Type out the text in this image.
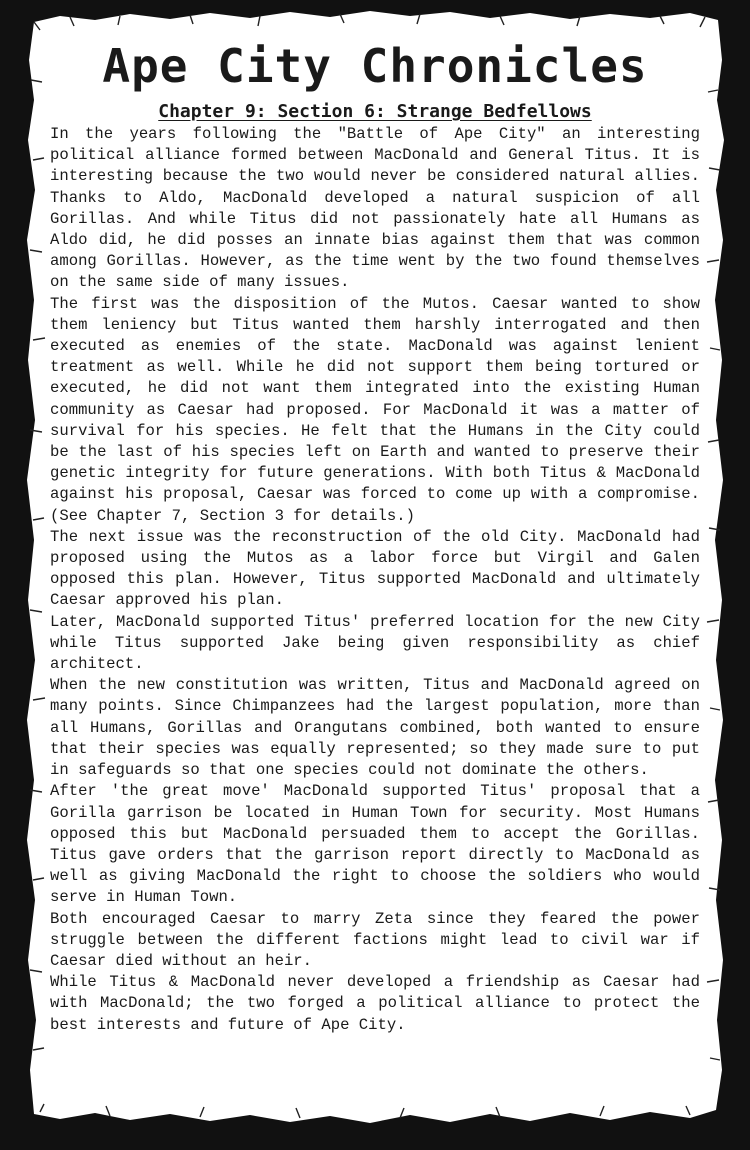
Ape City Chronicles
Chapter 9: Section 6: Strange Bedfellows

In the years following the "Battle of Ape City" an interesting political alliance formed between MacDonald and General Titus. It is interesting because the two would never be considered natural allies. Thanks to Aldo, MacDonald developed a natural suspicion of all Gorillas. And while Titus did not passionately hate all Humans as Aldo did, he did posses an innate bias against them that was common among Gorillas. However, as the time went by the two found themselves on the same side of many issues.

The first was the disposition of the Mutos. Caesar wanted to show them leniency but Titus wanted them harshly interrogated and then executed as enemies of the state. MacDonald was against lenient treatment as well. While he did not support them being tortured or executed, he did not want them integrated into the existing Human community as Caesar had proposed. For MacDonald it was a matter of survival for his species. He felt that the Humans in the City could be the last of his species left on Earth and wanted to preserve their genetic integrity for future generations. With both Titus & MacDonald against his proposal, Caesar was forced to come up with a compromise. (See Chapter 7, Section 3 for details.)

The next issue was the reconstruction of the old City. MacDonald had proposed using the Mutos as a labor force but Virgil and Galen opposed this plan. However, Titus supported MacDonald and ultimately Caesar approved his plan.

Later, MacDonald supported Titus' preferred location for the new City while Titus supported Jake being given responsibility as chief architect.

When the new constitution was written, Titus and MacDonald agreed on many points. Since Chimpanzees had the largest population, more than all Humans, Gorillas and Orangutans combined, both wanted to ensure that their species was equally represented; so they made sure to put in safeguards so that one species could not dominate the others.

After 'the great move' MacDonald supported Titus' proposal that a Gorilla garrison be located in Human Town for security. Most Humans opposed this but MacDonald persuaded them to accept the Gorillas. Titus gave orders that the garrison report directly to MacDonald as well as giving MacDonald the right to choose the soldiers who would serve in Human Town.

Both encouraged Caesar to marry Zeta since they feared the power struggle between the different factions might lead to civil war if Caesar died without an heir.

While Titus & MacDonald never developed a friendship as Caesar had with MacDonald; the two forged a political alliance to protect the best interests and future of Ape City.
